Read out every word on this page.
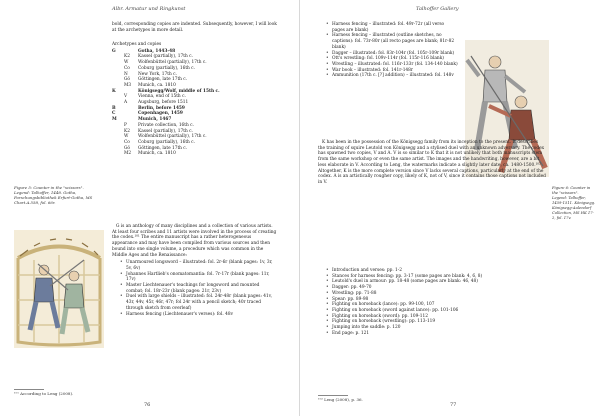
Albr. Armatur und Ringkunst

bold, corresponding copies are indented. Subsequently, however, I will look at the archetypes in more detail.

Archetypes and copies

G	Gotha, 1443-48
K2	Kassel (partially), 17th c.
W	Wolfenbüttel (partially), 17th c.
Co	Coburg (partially), 16th c.
N	New York, 17th c.
Gö	Göttingen, late 17th c.
M3	Munich, ca. 1810
K	Königsegg/Wolf, middle of 15th c.
V	Vienna, end of 15th c.
A	Augsburg, before 1511
B	Berlin, before 1459
C	Copenhagen, 1459
M	Munich, 1467
P	Private collection, 16th c.
K2	Kassel (partially), 17th c.
W	Wolfenbüttel (partially), 17th c.
Co	Coburg (partially), 16th c.
Gö	Göttingen, late 17th c.
M2	Munich, ca. 1810
Figure 5: Counter in the "scissors".
Legend: Talhoffer, 1448. Gotha, Forschungsbibliothek Erfurt-Gotha, MS Chart.A.558, fol. 66r.

G is an anthology of many disciplines and a collection of various artists. At least four scribes and 11 artists were involved in the process of creating the codex.¹⁰¹ The entire manuscript has a rather heterogeneous appearance and may have been compiled from various sources and then bound into one single volume, a procedure which was common in the Middle Ages and the Renaissance:

• Unarmoured longsword – illustrated: fol. 2r-6r (blank pages: 1v, 3r, 5v, 6v)
• Johannes Hartlieb's onomatomantia: fol. 7r-17r (blank pages: 11r, 17v)
• Master Liechtenauer's teachings for longsword and mounted combat; fol. 18r-23r (blank pages: 21r, 23v)
• Duel with large shields – illustrated: fol. 24r-48r (blank pages: 41v, 43r, 44v, 45r, 46r, 47r; fol 24r with a pencil sketch; 40r traced through sketch from overleaf)
• Harness fencing (Liechtenauer's verses): fol. 48v
¹⁰¹ According to Leng (2008).
76
Talhoffer Gallery
• Harness fencing – illustrated: fol. 49r-72r (all verso pages are blank)
• Harness fencing – illustrated (outline sketches, no captions): fol. 73r-80r (all recto pages are blank; 81r-82 blank)
• Dagger – illustrated: fol. 83r-104r (fol. 105r-109r blank)
• Ott's wrestling: fol. 109v-114r (fol. 115r-116 blank)
• Wrestling – illustrated: fol. 116r-133r (fol. 134-140 blank)
• War book – illustrated: fol. 141r-148r
• Ammunition (17th c. [?] addition) – illustrated: fol. 148v
Figure 6: Counter in the "scissors".
Legend: Talhoffer, 1459-1511. Königsegg. Königsegg-Aulendorf Collection, MS HK 17-2, fol. 17v.

K has been in the possession of the Königsegg family from its inception to the present. It describes the training of squire Leutold von Königsegg and a stylised duel with an unknown adversary. The codex has spawned two copies, V and A. V is so similar to K that it is not unlikely that both manuscripts stem from the same workshop or even the same artist. The images and the handwriting, however, are a bit less elaborate in V. According to Leng, the watermarks indicate a slightly later date, ca. 1480-1500.¹⁰² Altogether, K is the more complete version since V lacks several captions, particularly at the end of the codex. A is an artistically rougher copy, likely of K, not of V, since it contains those captions not included in V.

• Introduction and verses: pp. 1-2
• Stances for harness fencing: pp. 3-17 (some pages are blank: 4, 6, 8)
• Leutold's duel in armour: pp. 18-48 (some pages are blank: 46, 48)
• Dagger: pp. 49-70
• Wrestling: pp. 71-88
• Spear: pp. 89-98
• Fighting on horseback (lance): pp. 99-100, 107
• Fighting on horseback (sword against lance): pp. 101-106
• Fighting on horseback (sword): pp. 109-112
• Fighting on horseback (wrestling): pp. 113-119
• Jumping into the saddle: p. 120
• End page: p. 121
¹⁰² Leng (2008), p. 36.
77
